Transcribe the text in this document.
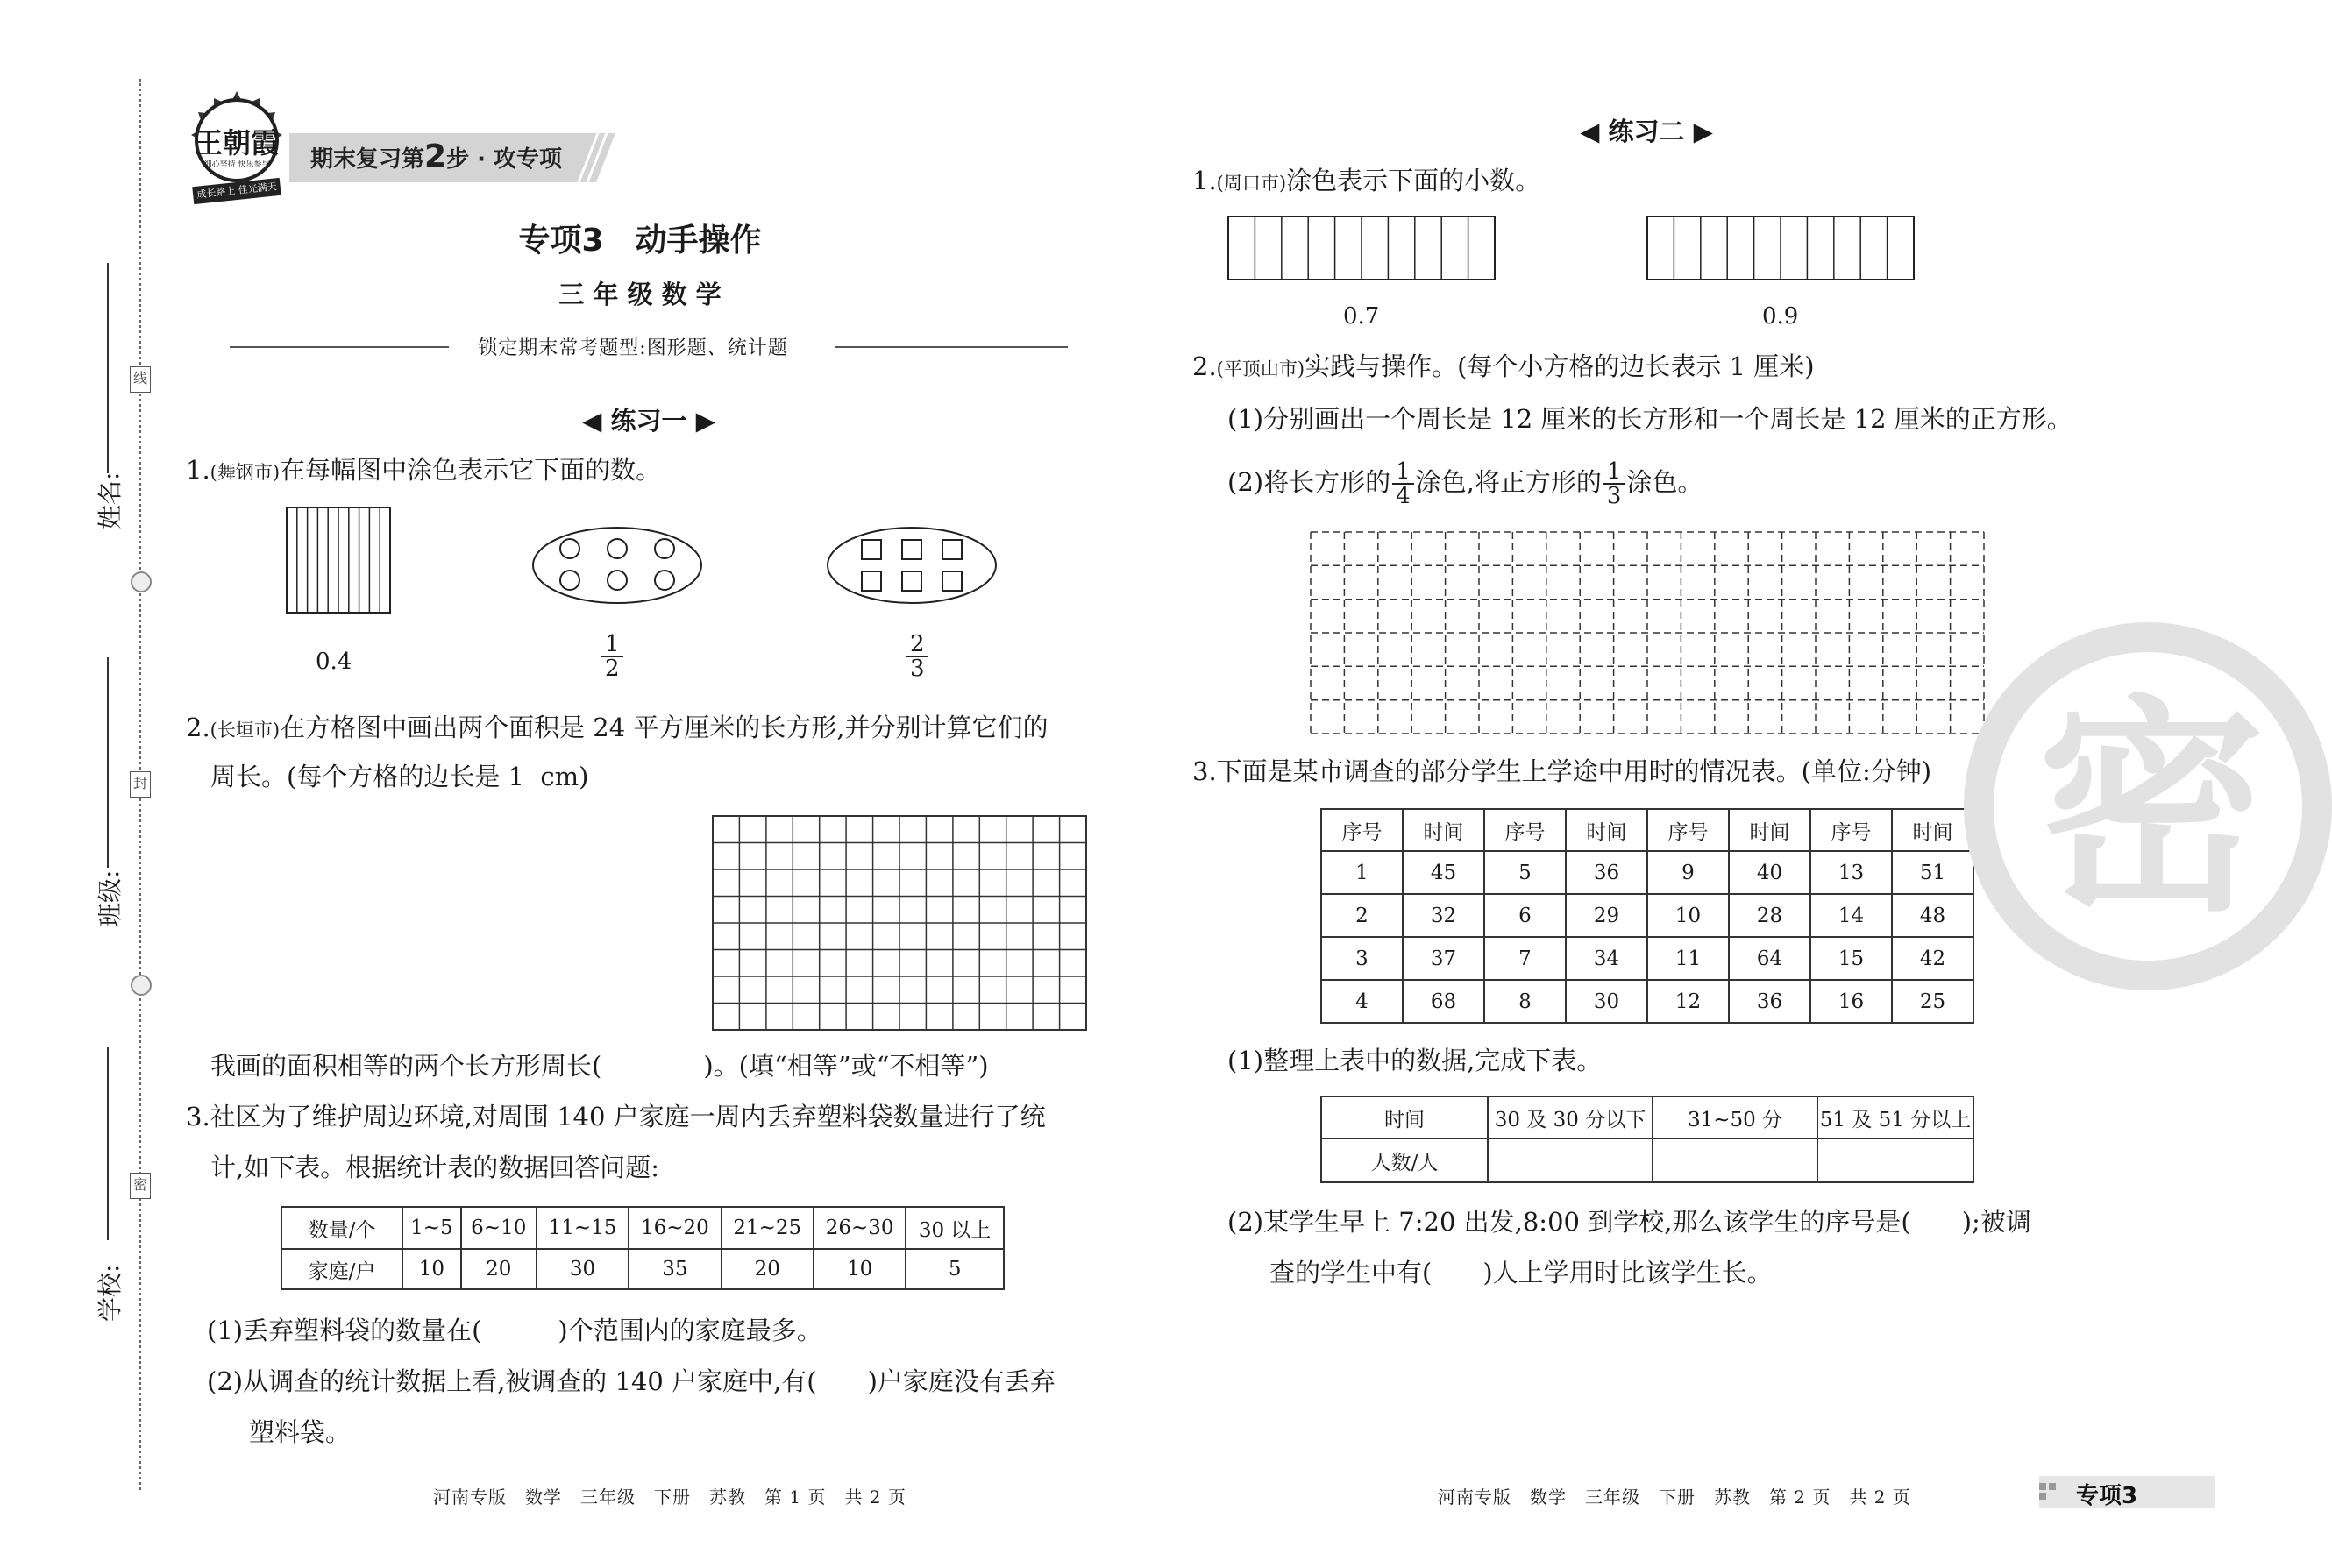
线
封
密
姓名:
班级:
学校:
王朝霞
细心坚持 快乐参与
成长路上 佳光满天
期末复习第2步 · 攻专项
专项3　动手操作
三 年 级 数 学
锁定期末常考题型:图形题、统计题
◀ 练习一 ▶
1.(舞钢市)在每幅图中涂色表示它下面的数。
0.4	$\frac{1}{2}$	$\frac{2}{3}$
2.(长垣市)在方格图中画出两个面积是 24 平方厘米的长方形,并分别计算它们的
周长。(每个方格的边长是 1  cm)
我画的面积相等的两个长方形周长(　　　　)。(填“相等”或“不相等”)
3.社区为了维护周边环境,对周围 140 户家庭一周内丢弃塑料袋数量进行了统
计,如下表。根据统计表的数据回答问题:
数量/个	1~5	6~10	11~15	16~20	21~25	26~30	30 以上
家庭/户	10	20	30	35	20	10	5
(1)丢弃塑料袋的数量在(　　　)个范围内的家庭最多。
(2)从调查的统计数据上看,被调查的 140 户家庭中,有(　　)户家庭没有丢弃
塑料袋。
河南专版　数学　三年级　下册　苏教　第 1 页　共 2 页
◀ 练习二 ▶
1.(周口市)涂色表示下面的小数。
0.7	0.9
2.(平顶山市)实践与操作。(每个小方格的边长表示 1 厘米)
(1)分别画出一个周长是 12 厘米的长方形和一个周长是 12 厘米的正方形。
(2)将长方形的 $\frac{1}{4}$ 涂色,将正方形的 $\frac{1}{3}$ 涂色。
3.下面是某市调查的部分学生上学途中用时的情况表。(单位:分钟)
序号	时间	序号	时间	序号	时间	序号	时间
1	45	5	36	9	40	13	51
2	32	6	29	10	28	14	48
3	37	7	34	11	64	15	42
4	68	8	30	12	36	16	25
(1)整理上表中的数据,完成下表。
时间	30 及 30 分以下	31~50 分	51 及 51 分以上
人数/人			
(2)某学生早上 7:20 出发,8:00 到学校,那么该学生的序号是(　　);被调
查的学生中有(　　)人上学用时比该学生长。
河南专版　数学　三年级　下册　苏教　第 2 页　共 2 页
密
专项3
